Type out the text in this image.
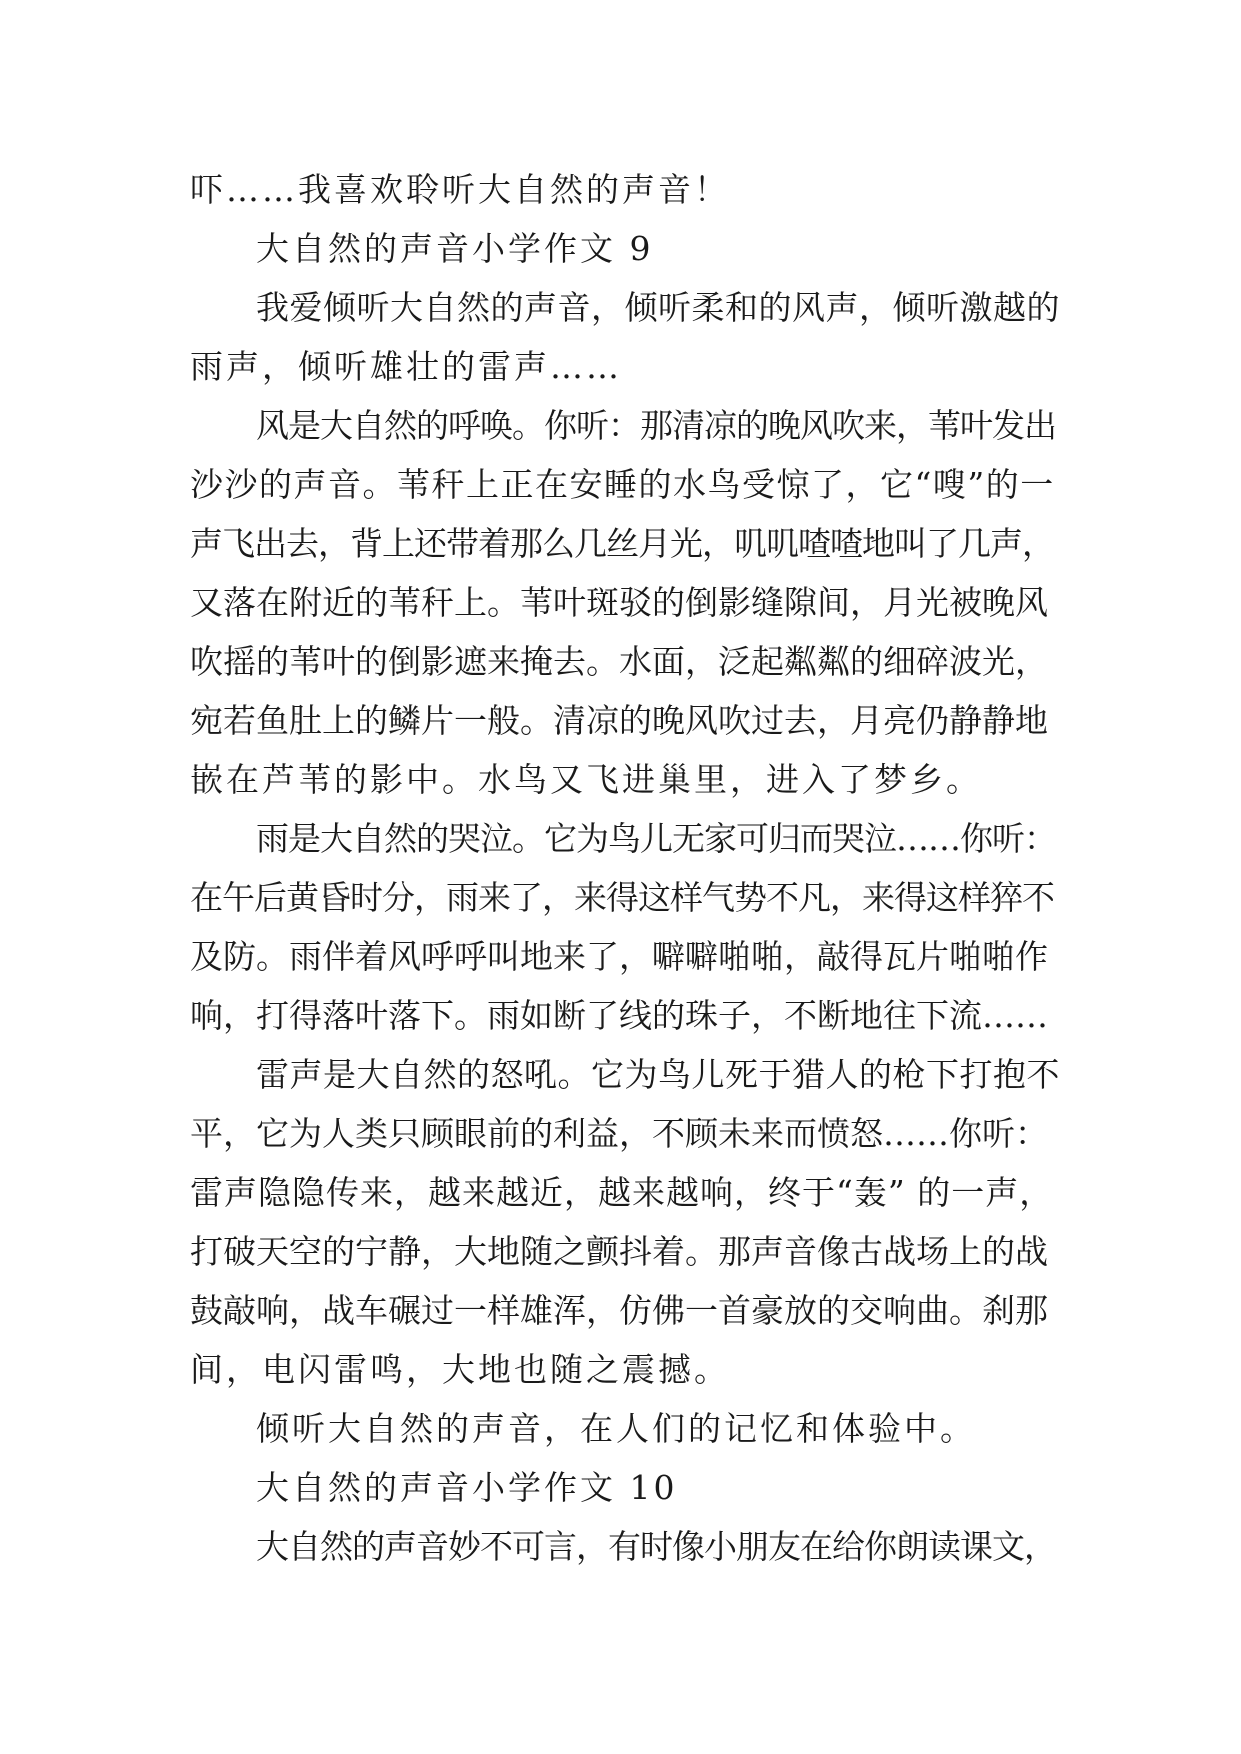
吓……我喜欢聆听大自然的声音！
大自然的声音小学作文 9
我爱倾听大自然的声音，倾听柔和的风声，倾听激越的
雨声，倾听雄壮的雷声……
风是大自然的呼唤。你听：那清凉的晚风吹来，苇叶发出
沙沙的声音。苇秆上正在安睡的水鸟受惊了，它“嗖”的一
声飞出去，背上还带着那么几丝月光，叽叽喳喳地叫了几声，
又落在附近的苇秆上。苇叶斑驳的倒影缝隙间，月光被晚风
吹摇的苇叶的倒影遮来掩去。水面，泛起粼粼的细碎波光，
宛若鱼肚上的鳞片一般。清凉的晚风吹过去，月亮仍静静地
嵌在芦苇的影中。水鸟又飞进巢里，进入了梦乡。
雨是大自然的哭泣。它为鸟儿无家可归而哭泣……你听：
在午后黄昏时分，雨来了，来得这样气势不凡，来得这样猝不
及防。雨伴着风呼呼叫地来了，噼噼啪啪，敲得瓦片啪啪作
响，打得落叶落下。雨如断了线的珠子，不断地往下流……
雷声是大自然的怒吼。它为鸟儿死于猎人的枪下打抱不
平，它为人类只顾眼前的利益，不顾未来而愤怒……你听：
雷声隐隐传来，越来越近，越来越响，终于“轰” 的一声，
打破天空的宁静，大地随之颤抖着。那声音像古战场上的战
鼓敲响，战车碾过一样雄浑，仿佛一首豪放的交响曲。刹那
间，电闪雷鸣，大地也随之震撼。
倾听大自然的声音，在人们的记忆和体验中。
大自然的声音小学作文 10
大自然的声音妙不可言，有时像小朋友在给你朗读课文，
